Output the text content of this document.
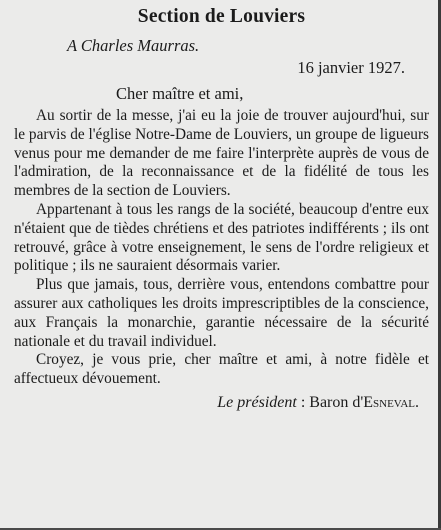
Section de Louviers
A Charles Maurras.
16 janvier 1927.
Cher maître et ami,

Au sortir de la messe, j'ai eu la joie de trouver aujourd'hui, sur le parvis de l'église Notre-Dame de Louviers, un groupe de ligueurs venus pour me demander de me faire l'interprète auprès de vous de l'admiration, de la reconnaissance et de la fidélité de tous les membres de la section de Louviers.

Appartenant à tous les rangs de la société, beaucoup d'entre eux n'étaient que de tièdes chrétiens et des patriotes indifférents ; ils ont retrouvé, grâce à votre enseignement, le sens de l'ordre religieux et politique ; ils ne sauraient désormais varier.

Plus que jamais, tous, derrière vous, entendons combattre pour assurer aux catholiques les droits imprescriptibles de la conscience, aux Français la monarchie, garantie nécessaire de la sécurité nationale et du travail individuel.

Croyez, je vous prie, cher maître et ami, à notre fidèle et affectueux dévouement.

Le président : Baron d'Esneval.
